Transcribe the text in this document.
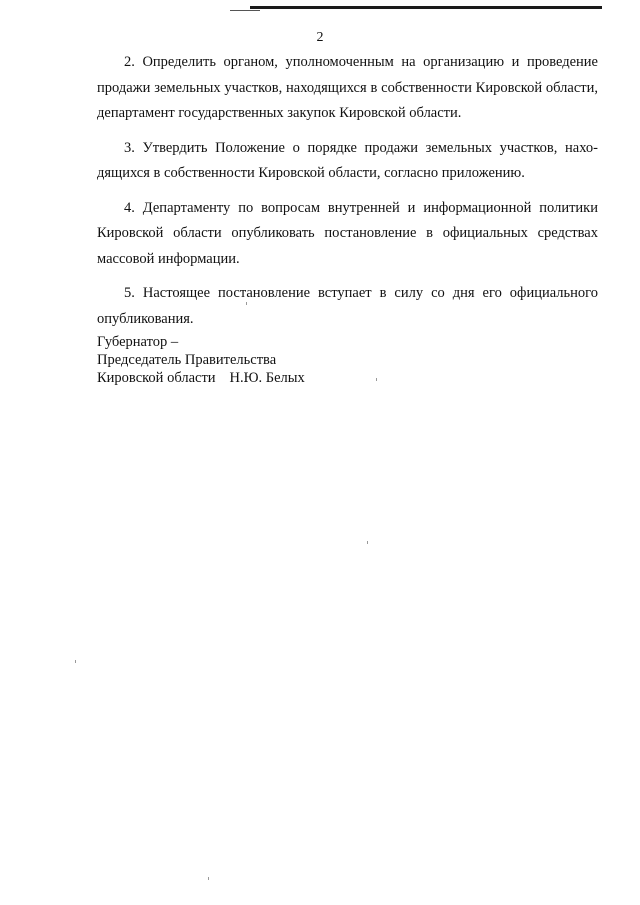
2

2. Определить органом, уполномоченным на организацию и проведение продажи земельных участков, находящихся в собственности Кировской области, департамент государственных закупок Кировской области.

3. Утвердить Положение о порядке продажи земельных участков, находящихся в собственности Кировской области, согласно приложению.

4. Департаменту по вопросам внутренней и информационной политики Кировской области опубликовать постановление в официальных средствах массовой информации.

5. Настоящее постановление вступает в силу со дня его официального опубликования.

Губернатор –
Председатель Правительства
Кировской области Н.Ю. Белых
